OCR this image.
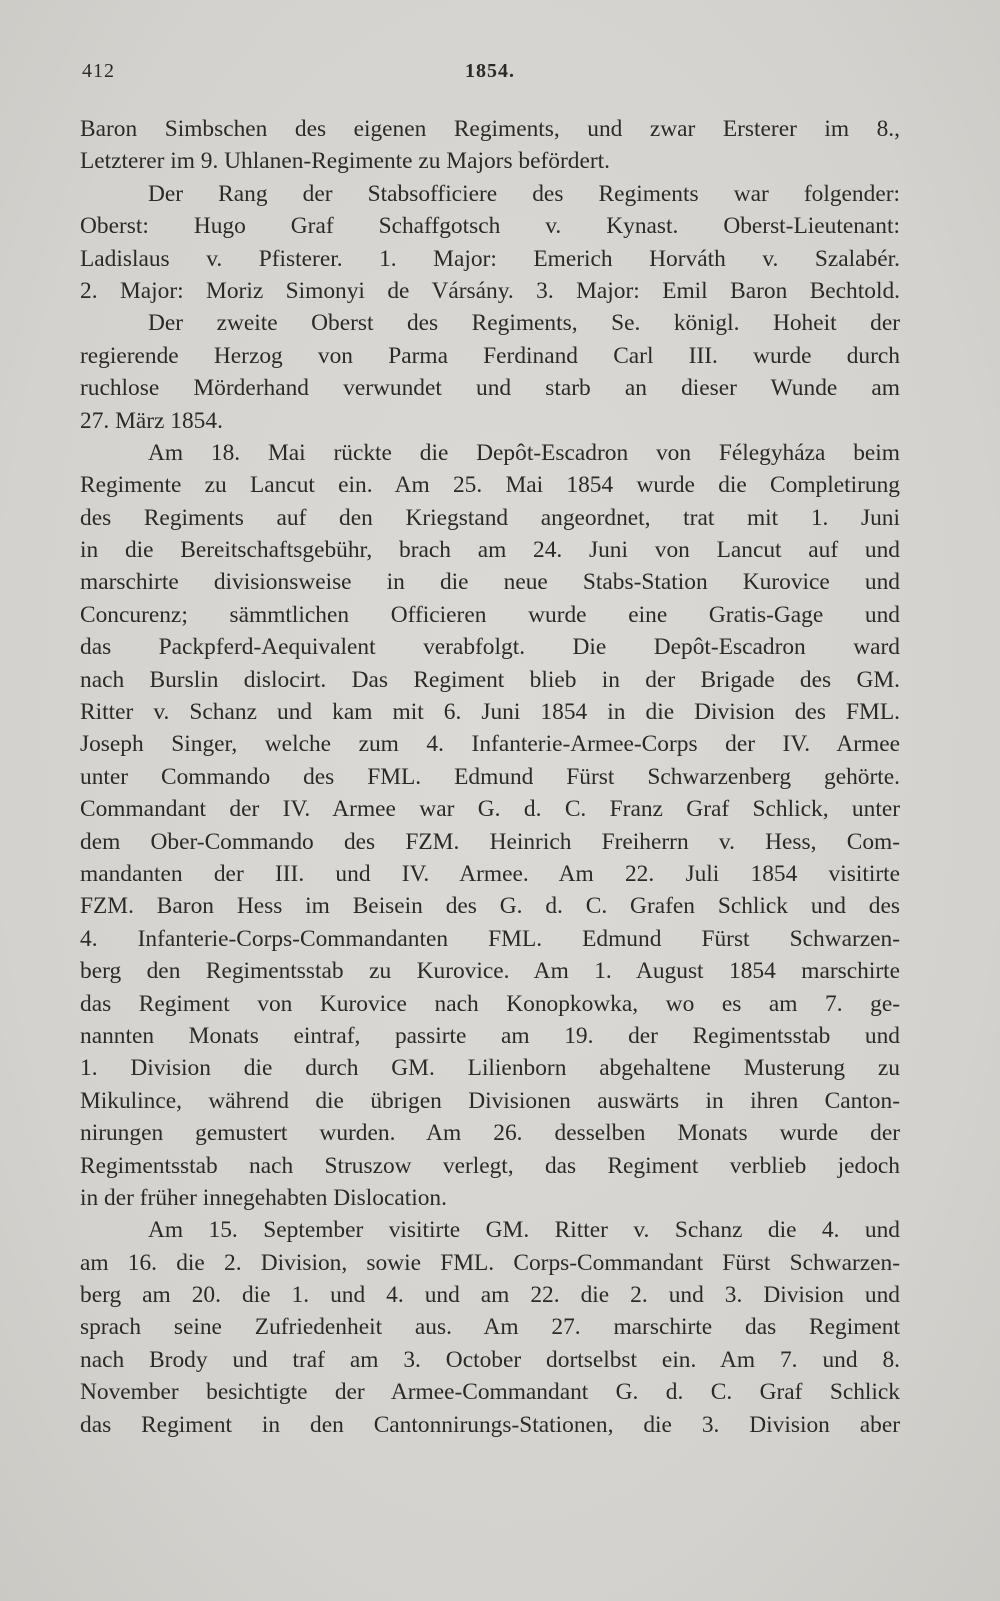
412	1854.
Baron Simbschen des eigenen Regiments, und zwar Ersterer im 8.,
Letzterer im 9. Uhlanen-Regimente zu Majors befördert.
Der Rang der Stabsofficiere des Regiments war folgender:
Oberst: Hugo Graf Schaffgotsch v. Kynast. Oberst-Lieutenant:
Ladislaus v. Pfisterer. 1. Major: Emerich Horváth v. Szalabér.
2. Major: Moriz Simonyi de Vársány. 3. Major: Emil Baron Bechtold.
Der zweite Oberst des Regiments, Se. königl. Hoheit der
regierende Herzog von Parma Ferdinand Carl III. wurde durch
ruchlose Mörderhand verwundet und starb an dieser Wunde am
27. März 1854.
Am 18. Mai rückte die Depôt-Escadron von Félegyháza beim
Regimente zu Lancut ein. Am 25. Mai 1854 wurde die Completirung
des Regiments auf den Kriegstand angeordnet, trat mit 1. Juni
in die Bereitschaftsgebühr, brach am 24. Juni von Lancut auf und
marschirte divisionsweise in die neue Stabs-Station Kurovice und
Concurenz; sämmtlichen Officieren wurde eine Gratis-Gage und
das Packpferd-Aequivalent verabfolgt. Die Depôt-Escadron ward
nach Burslin dislocirt. Das Regiment blieb in der Brigade des GM.
Ritter v. Schanz und kam mit 6. Juni 1854 in die Division des FML.
Joseph Singer, welche zum 4. Infanterie-Armee-Corps der IV. Armee
unter Commando des FML. Edmund Fürst Schwarzenberg gehörte.
Commandant der IV. Armee war G. d. C. Franz Graf Schlick, unter
dem Ober-Commando des FZM. Heinrich Freiherrn v. Hess, Com-
mandanten der III. und IV. Armee. Am 22. Juli 1854 visitirte
FZM. Baron Hess im Beisein des G. d. C. Grafen Schlick und des
4. Infanterie-Corps-Commandanten FML. Edmund Fürst Schwarzen-
berg den Regimentsstab zu Kurovice. Am 1. August 1854 marschirte
das Regiment von Kurovice nach Konopkowka, wo es am 7. ge-
nannten Monats eintraf, passirte am 19. der Regimentsstab und
1. Division die durch GM. Lilienborn abgehaltene Musterung zu
Mikulince, während die übrigen Divisionen auswärts in ihren Canton-
nirungen gemustert wurden. Am 26. desselben Monats wurde der
Regimentsstab nach Struszow verlegt, das Regiment verblieb jedoch
in der früher innegehabten Dislocation.
Am 15. September visitirte GM. Ritter v. Schanz die 4. und
am 16. die 2. Division, sowie FML. Corps-Commandant Fürst Schwarzen-
berg am 20. die 1. und 4. und am 22. die 2. und 3. Division und
sprach seine Zufriedenheit aus. Am 27. marschirte das Regiment
nach Brody und traf am 3. October dortselbst ein. Am 7. und 8.
November besichtigte der Armee-Commandant G. d. C. Graf Schlick
das Regiment in den Cantonnirungs-Stationen, die 3. Division aber
